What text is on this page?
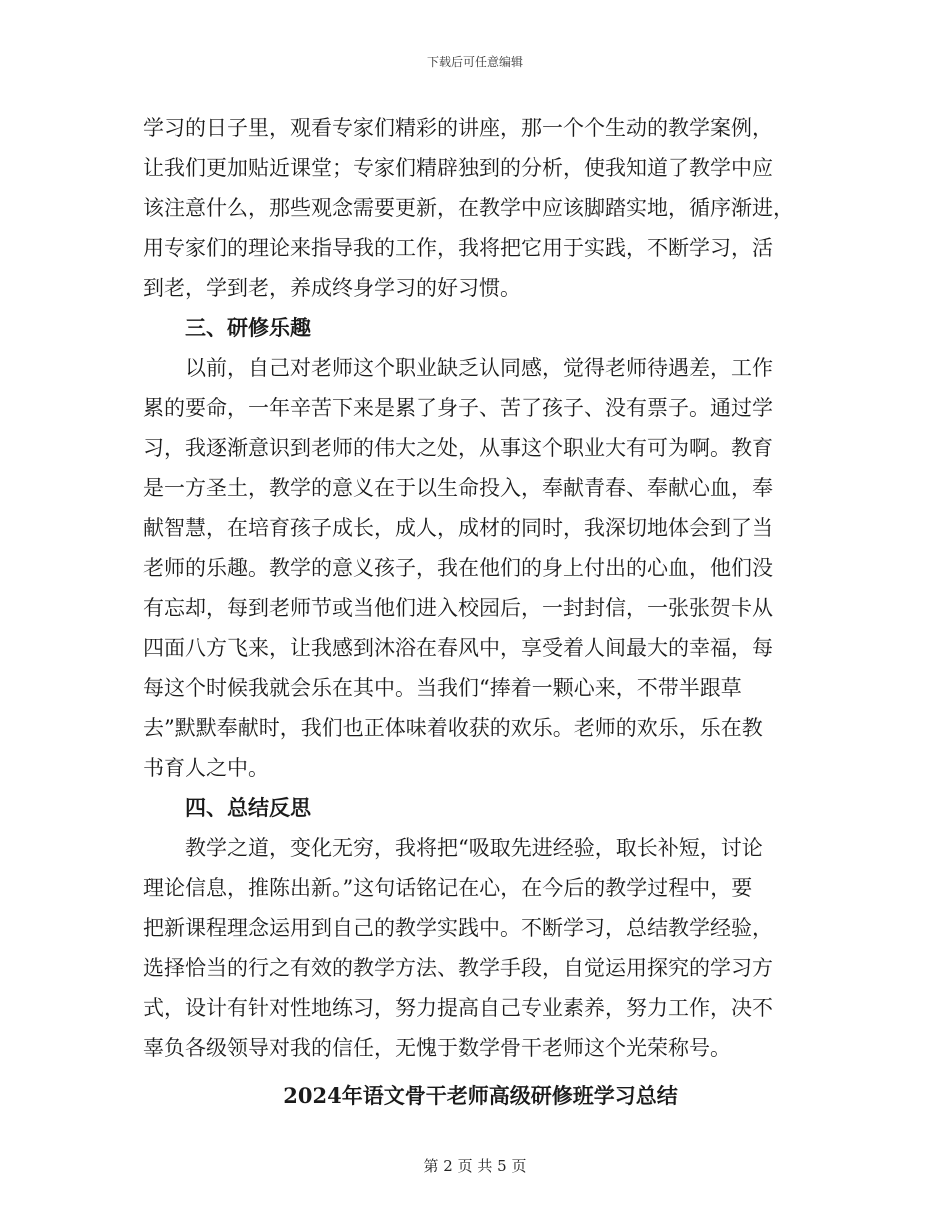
下载后可任意编辑
学习的日子里，观看专家们精彩的讲座，那一个个生动的教学案例，
让我们更加贴近课堂；专家们精辟独到的分析，使我知道了教学中应
该注意什么，那些观念需要更新，在教学中应该脚踏实地，循序渐进，
用专家们的理论来指导我的工作，我将把它用于实践，不断学习，活
到老，学到老，养成终身学习的好习惯。
三、研修乐趣
以前，自己对老师这个职业缺乏认同感，觉得老师待遇差，工作
累的要命，一年辛苦下来是累了身子、苦了孩子、没有票子。通过学
习，我逐渐意识到老师的伟大之处，从事这个职业大有可为啊。教育
是一方圣土，教学的意义在于以生命投入，奉献青春、奉献心血，奉
献智慧，在培育孩子成长，成人，成材的同时，我深切地体会到了当
老师的乐趣。教学的意义孩子，我在他们的身上付出的心血，他们没
有忘却，每到老师节或当他们进入校园后，一封封信，一张张贺卡从
四面八方飞来，让我感到沐浴在春风中，享受着人间最大的幸福，每
每这个时候我就会乐在其中。当我们“捧着一颗心来，不带半跟草
去”默默奉献时，我们也正体味着收获的欢乐。老师的欢乐，乐在教
书育人之中。
四、总结反思
教学之道，变化无穷，我将把“吸取先进经验，取长补短，讨论
理论信息，推陈出新。”这句话铭记在心，在今后的教学过程中，要
把新课程理念运用到自己的教学实践中。不断学习，总结教学经验，
选择恰当的行之有效的教学方法、教学手段，自觉运用探究的学习方
式，设计有针对性地练习，努力提高自己专业素养，努力工作，决不
辜负各级领导对我的信任，无愧于数学骨干老师这个光荣称号。
2024年语文骨干老师高级研修班学习总结
第 2 页 共 5 页
